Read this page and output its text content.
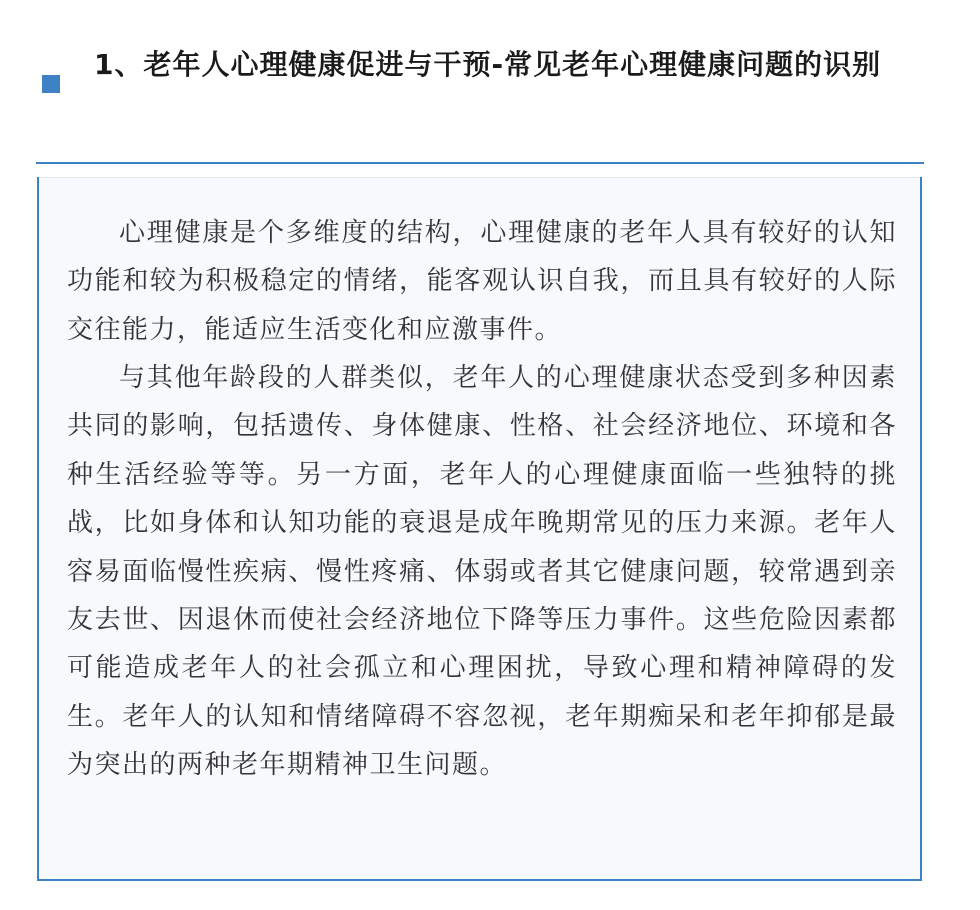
1、老年人心理健康促进与干预-常见老年心理健康问题的识别

心理健康是个多维度的结构，心理健康的老年人具有较好的认知功能和较为积极稳定的情绪，能客观认识自我，而且具有较好的人际交往能力，能适应生活变化和应激事件。

与其他年龄段的人群类似，老年人的心理健康状态受到多种因素共同的影响，包括遗传、身体健康、性格、社会经济地位、环境和各种生活经验等等。另一方面，老年人的心理健康面临一些独特的挑战，比如身体和认知功能的衰退是成年晚期常见的压力来源。老年人容易面临慢性疾病、慢性疼痛、体弱或者其它健康问题，较常遇到亲友去世、因退休而使社会经济地位下降等压力事件。这些危险因素都可能造成老年人的社会孤立和心理困扰，导致心理和精神障碍的发生。老年人的认知和情绪障碍不容忽视，老年期痴呆和老年抑郁是最为突出的两种老年期精神卫生问题。
